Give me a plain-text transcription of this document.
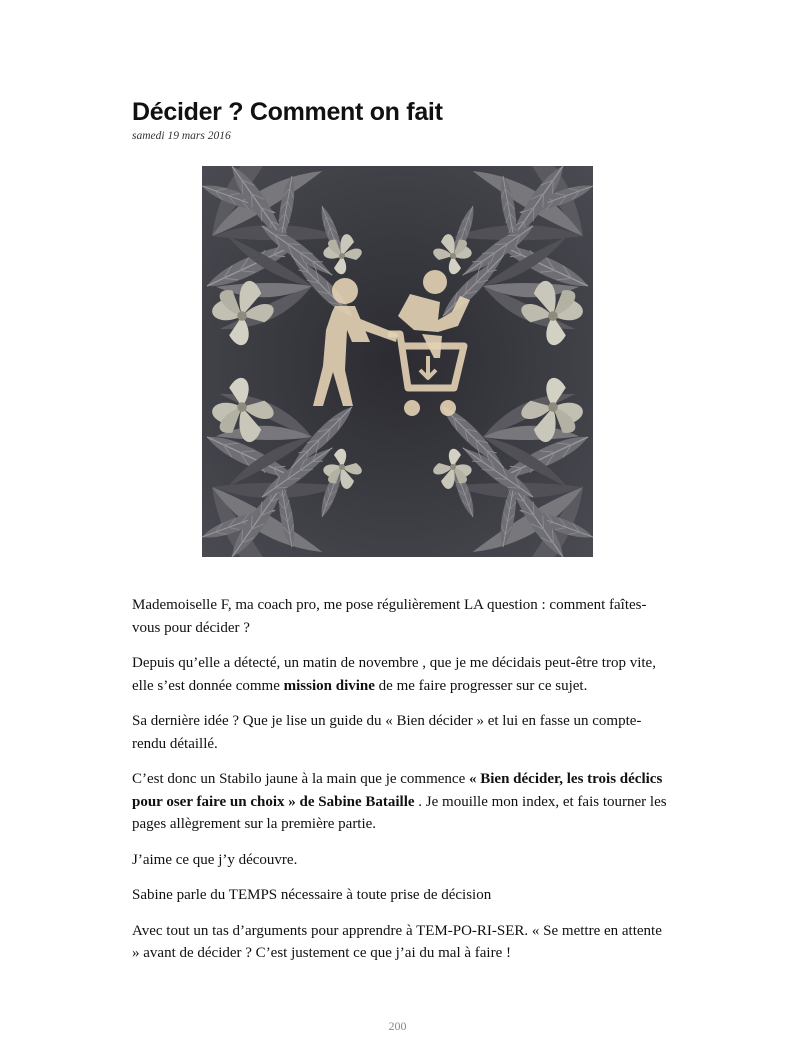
Décider ? Comment on fait
samedi 19 mars 2016

Mademoiselle F, ma coach pro, me pose régulièrement LA question : comment faîtes-vous pour décider ?

Depuis qu’elle a détecté, un matin de novembre , que je me décidais peut-être trop vite, elle s’est donnée comme mission divine de me faire progresser sur ce sujet.

Sa dernière idée ? Que je lise un guide du « Bien décider » et lui en fasse un compte-rendu détaillé.

C’est donc un Stabilo jaune à la main que je commence « Bien décider, les trois déclics pour oser faire un choix » de Sabine Bataille . Je mouille mon index, et fais tourner les pages allègrement sur la première partie.

J’aime ce que j’y découvre.

Sabine parle du TEMPS nécessaire à toute prise de décision

Avec tout un tas d’arguments pour apprendre à TEM-PO-RI-SER. « Se mettre en attente » avant de décider ? C’est justement ce que j’ai du mal à faire !

200
